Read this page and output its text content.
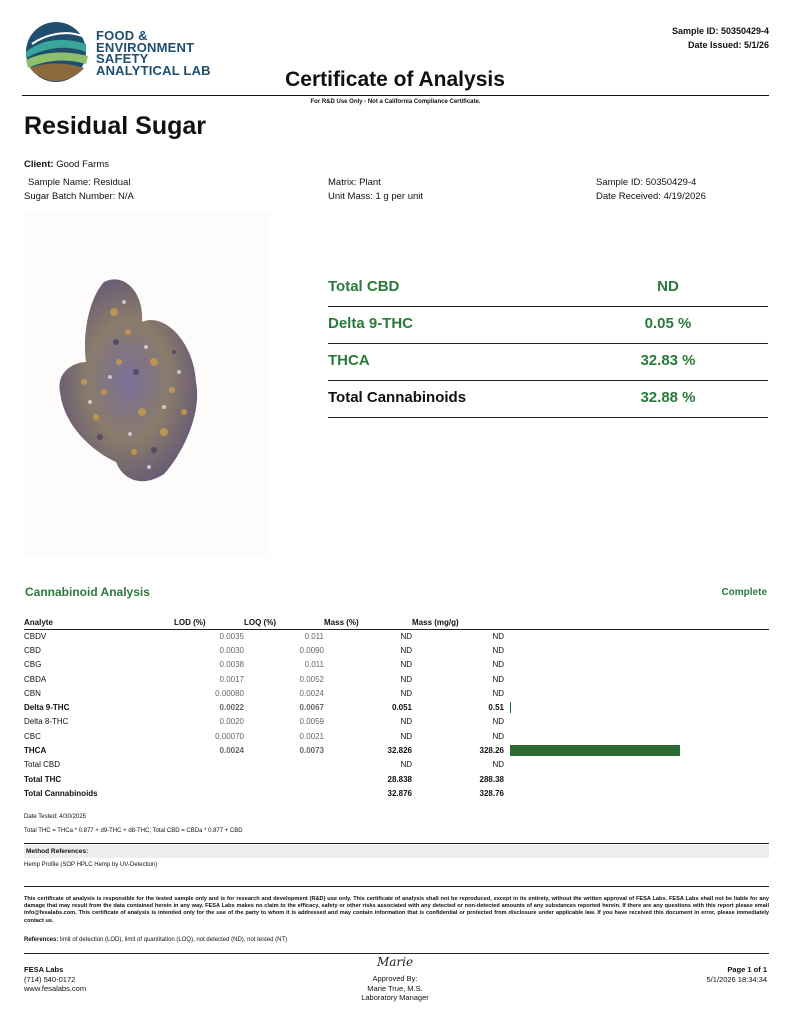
FOOD &
ENVIRONMENT
SAFETY
ANALYTICAL LAB	Certificate of Analysis
Sample ID: 50350429-4
Date Issued: 5/1/26
For R&D Use Only - Not a California Compliance Certificate.
Residual Sugar
Client: Good Farms
Sample Name: Residual
Sugar Batch Number: N/A
Matrix: Plant
Unit Mass: 1 g per unit
Sample ID: 50350429-4
Date Received: 4/19/2026
Total CBD	ND
Delta 9-THC	0.05 %
THCA	32.83 %
Total Cannabinoids	32.88 %
Cannabinoid Analysis	Complete
Analyte	LOD (%)	LOQ (%)	Mass (%)	Mass (mg/g)	
CBDV	0.0035	0.011	ND	ND	
CBD	0.0030	0.0090	ND	ND	
CBG	0.0038	0.011	ND	ND	
CBDA	0.0017	0.0052	ND	ND	
CBN	0.00080	0.0024	ND	ND	
Delta 9-THC	0.0022	0.0067	0.051	0.51	

Delta 8-THC	0.0020	0.0059	ND	ND	
CBC	0.00070	0.0021	ND	ND	
THCA	0.0024	0.0073	32.826	328.26	

Total CBD			ND	ND	
Total THC			28.838	288.38	
Total Cannabinoids			32.876	328.76	
Date Tested: 4/30/2025
Total THC = THCa * 0.877 + d9-THC + d8-THC; Total CBD = CBDa * 0.877 + CBD
Method References:
Hemp Profile (SOP HPLC Hemp by UV-Detection)
This certificate of analysis is responsible for the tested sample only and is for research and development (R&D) use only. This certificate of analysis shall not be reproduced, except in its entirety, without the written approval of FESA Labs. FESA Labs shall not be liable for any damage that may result from the data contained herein in any way. FESA Labs makes no claim to the efficacy, safety or other risks associated with any detected or non-detected amounts of any substances reported herein. If there are any questions with this report please email info@fesalabs.com. This certificate of analysis is intended only for the use of the party to whom it is addressed and may contain information that is confidential or protected from disclosure under applicable law. If you have received this document in error, please immediately contact us.
References: limit of detection (LOD), limit of quantitation (LOQ), not detected (ND), not tested (NT)
FESA Labs
(714) 540-0172
www.fesalabs.com
Marie
Approved By:
Marie True, M.S.
Laboratory Manager
Page 1 of 1
5/1/2026 18:34:34
